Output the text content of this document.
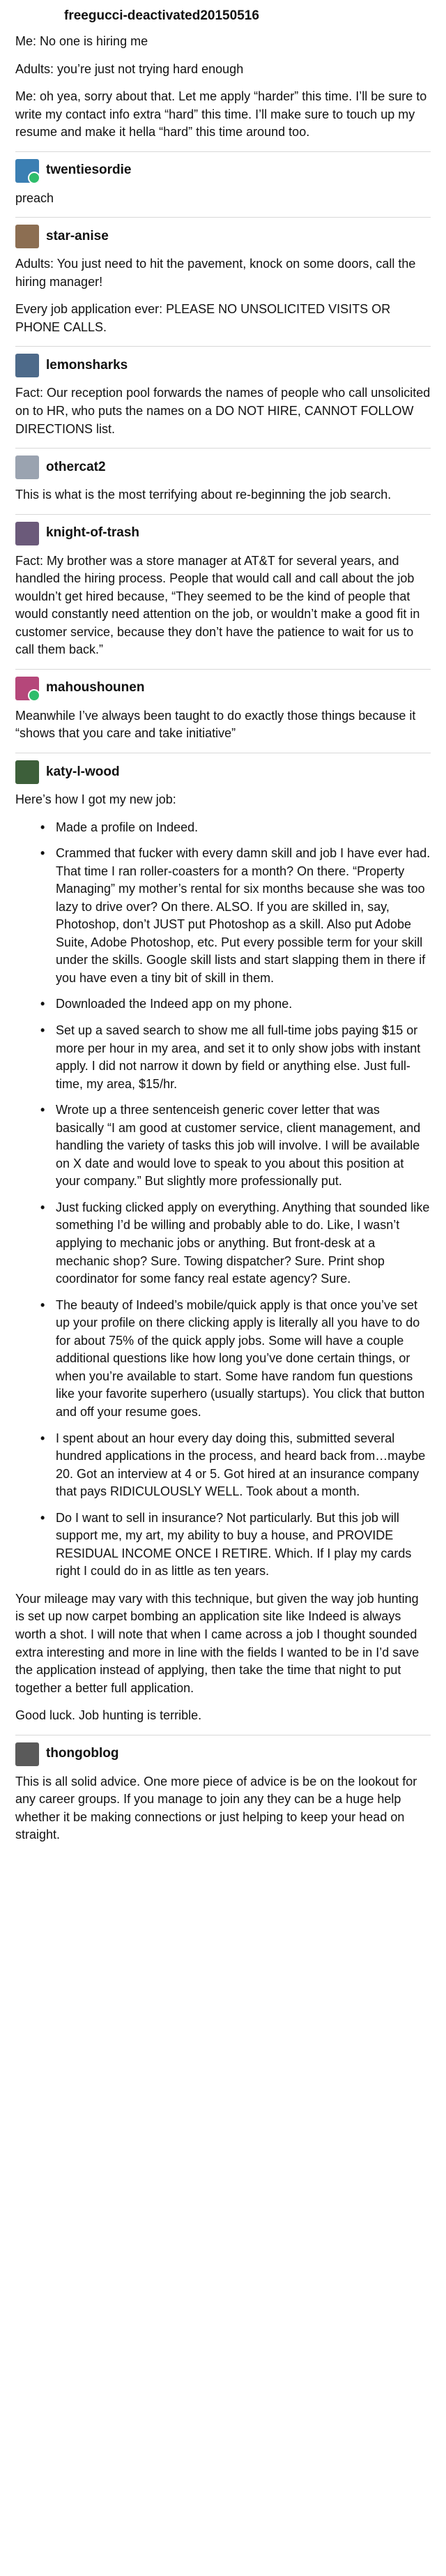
freegucci-deactivated20150516

Me: No one is hiring me

Adults: you’re just not trying hard enough

Me: oh yea, sorry about that. Let me apply “harder” this time. I’ll be sure to write my contact info extra “hard” this time. I’ll make sure to touch up my resume and make it hella “hard” this time around too.

twentiesordie

preach

star-anise

Adults: You just need to hit the pavement, knock on some doors, call the hiring manager!

Every job application ever: PLEASE NO UNSOLICITED VISITS OR PHONE CALLS.

lemonsharks

Fact: Our reception pool forwards the names of people who call unsolicited on to HR, who puts the names on a DO NOT HIRE, CANNOT FOLLOW DIRECTIONS list.

othercat2

This is what is the most terrifying about re-beginning the job search.

knight-of-trash

Fact: My brother was a store manager at AT&T for several years, and handled the hiring process. People that would call and call about the job wouldn’t get hired because, “They seemed to be the kind of people that would constantly need attention on the job, or wouldn’t make a good fit in customer service, because they don’t have the patience to wait for us to call them back.”

mahoushounen

Meanwhile I’ve always been taught to do exactly those things because it “shows that you care and take initiative”

katy-l-wood

Here’s how I got my new job:

• Made a profile on Indeed.
• Crammed that fucker with every damn skill and job I have ever had. That time I ran roller-coasters for a month? On there. “Property Managing” my mother’s rental for six months because she was too lazy to drive over? On there. ALSO. If you are skilled in, say, Photoshop, don’t JUST put Photoshop as a skill. Also put Adobe Suite, Adobe Photoshop, etc. Put every possible term for your skill under the skills. Google skill lists and start slapping them in there if you have even a tiny bit of skill in them.
• Downloaded the Indeed app on my phone.
• Set up a saved search to show me all full-time jobs paying $15 or more per hour in my area, and set it to only show jobs with instant apply. I did not narrow it down by field or anything else. Just full-time, my area, $15/hr.
• Wrote up a three sentenceish generic cover letter that was basically “I am good at customer service, client management, and handling the variety of tasks this job will involve. I will be available on X date and would love to speak to you about this position at your company.” But slightly more professionally put.
• Just fucking clicked apply on everything. Anything that sounded like something I’d be willing and probably able to do. Like, I wasn’t applying to mechanic jobs or anything. But front-desk at a mechanic shop? Sure. Towing dispatcher? Sure. Print shop coordinator for some fancy real estate agency? Sure.
• The beauty of Indeed’s mobile/quick apply is that once you’ve set up your profile on there clicking apply is literally all you have to do for about 75% of the quick apply jobs. Some will have a couple additional questions like how long you’ve done certain things, or when you’re available to start. Some have random fun questions like your favorite superhero (usually startups). You click that button and off your resume goes.
• I spent about an hour every day doing this, submitted several hundred applications in the process, and heard back from…maybe 20. Got an interview at 4 or 5. Got hired at an insurance company that pays RIDICULOUSLY WELL. Took about a month.
• Do I want to sell in insurance? Not particularly. But this job will support me, my art, my ability to buy a house, and PROVIDE RESIDUAL INCOME ONCE I RETIRE. Which. If I play my cards right I could do in as little as ten years.

Your mileage may vary with this technique, but given the way job hunting is set up now carpet bombing an application site like Indeed is always worth a shot. I will note that when I came across a job I thought sounded extra interesting and more in line with the fields I wanted to be in I’d save the application instead of applying, then take the time that night to put together a better full application.

Good luck. Job hunting is terrible.

thongoblog

This is all solid advice. One more piece of advice is be on the lookout for any career groups. If you manage to join any they can be a huge help whether it be making connections or just helping to keep your head on straight.
